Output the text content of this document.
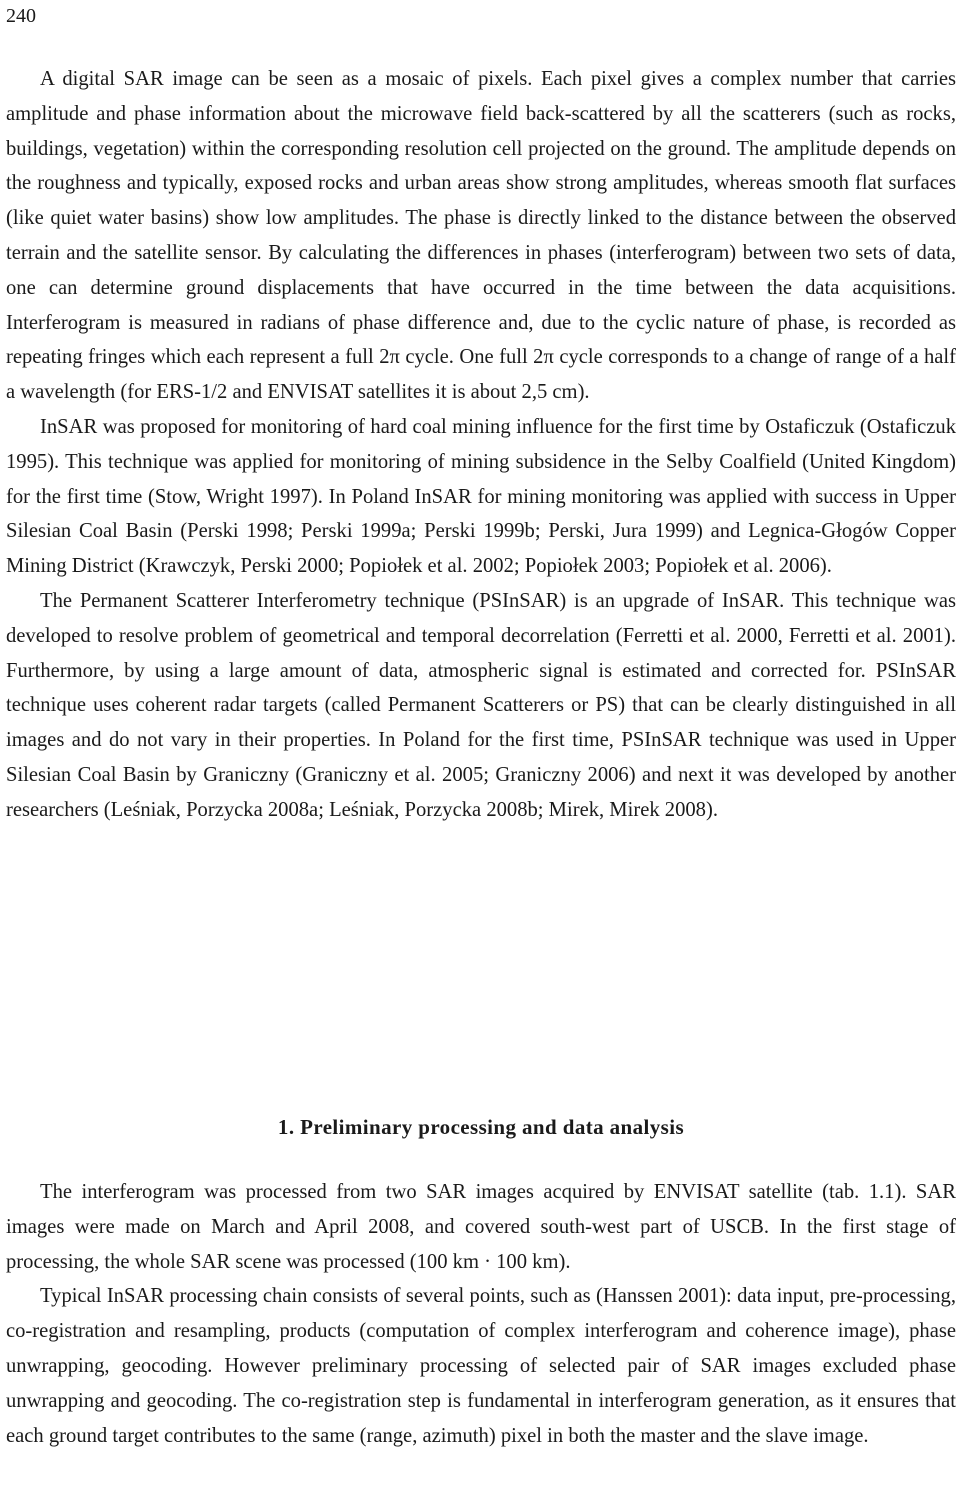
240

A digital SAR image can be seen as a mosaic of pixels. Each pixel gives a complex number that carries amplitude and phase information about the microwave field back-scattered by all the scatterers (such as rocks, buildings, vegetation) within the corresponding resolution cell projected on the ground. The amplitude depends on the roughness and typically, exposed rocks and urban areas show strong amplitudes, whereas smooth flat surfaces (like quiet water basins) show low amplitudes. The phase is directly linked to the distance between the observed terrain and the satellite sensor. By calculating the differences in phases (interferogram) between two sets of data, one can determine ground displacements that have occurred in the time between the data acquisitions. Interferogram is measured in radians of phase difference and, due to the cyclic nature of phase, is recorded as repeating fringes which each represent a full 2π cycle. One full 2π cycle corresponds to a change of range of a half a wavelength (for ERS-1/2 and ENVISAT satellites it is about 2,5 cm).

InSAR was proposed for monitoring of hard coal mining influence for the first time by Ostaficzuk (Ostaficzuk 1995). This technique was applied for monitoring of mining subsidence in the Selby Coalfield (United Kingdom) for the first time (Stow, Wright 1997). In Poland InSAR for mining monitoring was applied with success in Upper Silesian Coal Basin (Perski 1998; Perski 1999a; Perski 1999b; Perski, Jura 1999) and Legnica-Głogów Copper Mining District (Krawczyk, Perski 2000; Popiołek et al. 2002; Popiołek 2003; Popiołek et al. 2006).

The Permanent Scatterer Interferometry technique (PSInSAR) is an upgrade of InSAR. This technique was developed to resolve problem of geometrical and temporal decorrelation (Ferretti et al. 2000, Ferretti et al. 2001). Furthermore, by using a large amount of data, atmospheric signal is estimated and corrected for. PSInSAR technique uses coherent radar targets (called Permanent Scatterers or PS) that can be clearly distinguished in all images and do not vary in their properties. In Poland for the first time, PSInSAR technique was used in Upper Silesian Coal Basin by Graniczny (Graniczny et al. 2005; Graniczny 2006) and next it was developed by another researchers (Leśniak, Porzycka 2008a; Leśniak, Porzycka 2008b; Mirek, Mirek 2008).

1. Preliminary processing and data analysis

The interferogram was processed from two SAR images acquired by ENVISAT satellite (tab. 1.1). SAR images were made on March and April 2008, and covered south-west part of USCB. In the first stage of processing, the whole SAR scene was processed (100 km · 100 km).

Typical InSAR processing chain consists of several points, such as (Hanssen 2001): data input, pre-processing, co-registration and resampling, products (computation of complex interferogram and coherence image), phase unwrapping, geocoding. However preliminary processing of selected pair of SAR images excluded phase unwrapping and geocoding. The co-registration step is fundamental in interferogram generation, as it ensures that each ground target contributes to the same (range, azimuth) pixel in both the master and the slave image.
